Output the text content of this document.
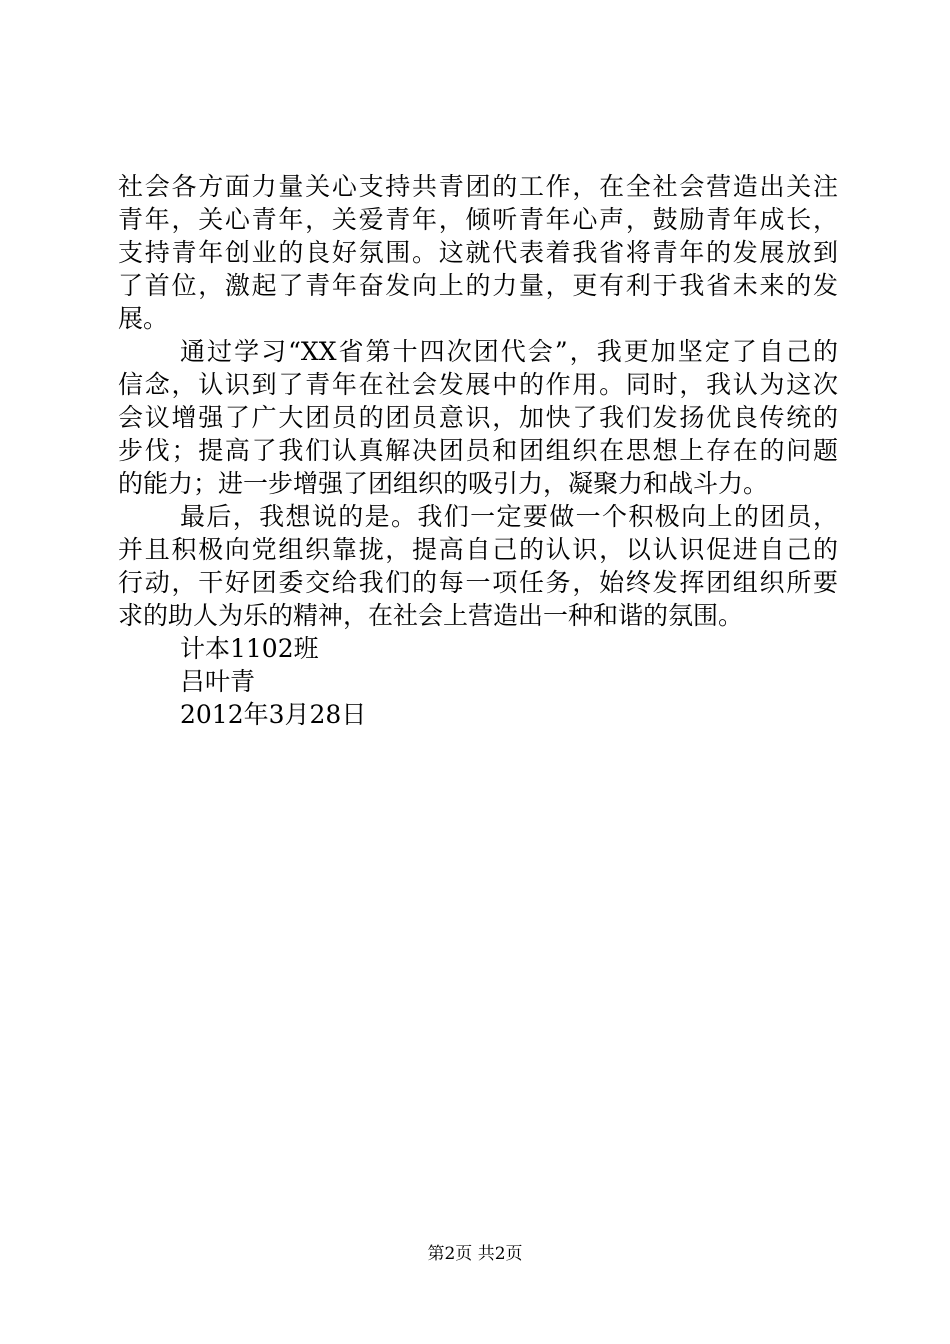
社会各方面力量关心支持共青团的工作，在全社会营造出关注
青年，关心青年，关爱青年，倾听青年心声，鼓励青年成长，
支持青年创业的良好氛围。这就代表着我省将青年的发展放到
了首位，激起了青年奋发向上的力量，更有利于我省未来的发
展。
通过学习“XX省第十四次团代会”，我更加坚定了自己的
信念，认识到了青年在社会发展中的作用。同时，我认为这次
会议增强了广大团员的团员意识，加快了我们发扬优良传统的
步伐；提高了我们认真解决团员和团组织在思想上存在的问题
的能力；进一步增强了团组织的吸引力，凝聚力和战斗力。
最后，我想说的是。我们一定要做一个积极向上的团员，
并且积极向党组织靠拢，提高自己的认识，以认识促进自己的
行动，干好团委交给我们的每一项任务，始终发挥团组织所要
求的助人为乐的精神，在社会上营造出一种和谐的氛围。
计本1102班
吕叶青
2012年3月28日
第2页 共2页
